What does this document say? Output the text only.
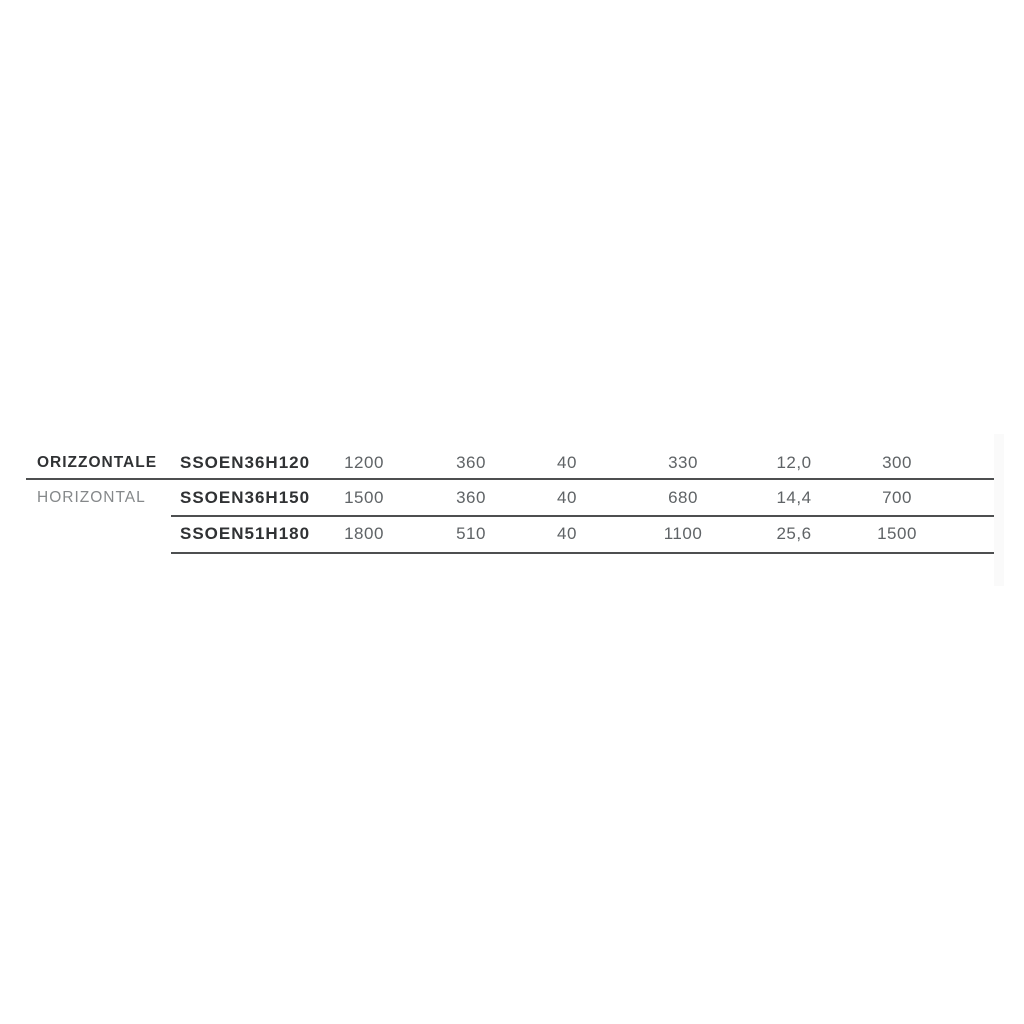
ORIZZONTALE SSOEN36H120 1200	360	40	330	12,0	300
HORIZONTAL SSOEN36H150 1500	360	40	680	14,4	700
SSOEN51H180 1800	510	40	1100	25,6	1500
